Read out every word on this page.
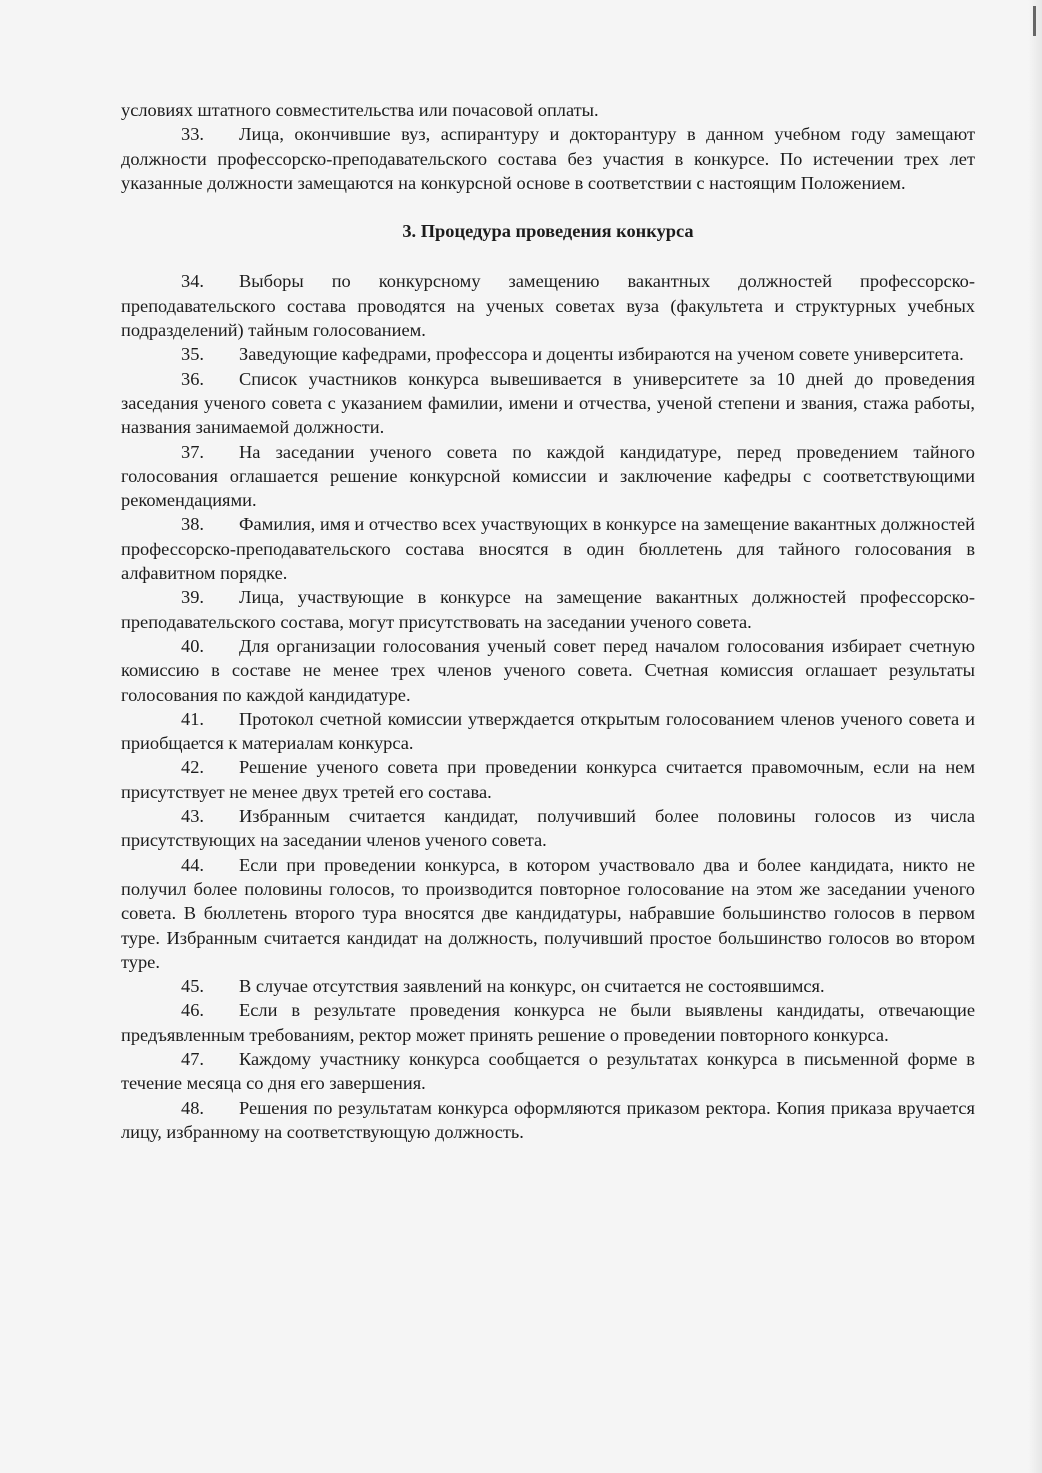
условиях штатного совместительства или почасовой оплаты.

33. Лица, окончившие вуз, аспирантуру и докторантуру в данном учебном году замещают должности профессорско-преподавательского состава без участия в конкурсе. По истечении трех лет указанные должности замещаются на конкурсной основе в соответствии с настоящим Положением.

3. Процедура проведения конкурса

34. Выборы по конкурсному замещению вакантных должностей профессорско-преподавательского состава проводятся на ученых советах вуза (факультета и структурных учебных подразделений) тайным голосованием.

35. Заведующие кафедрами, профессора и доценты избираются на ученом совете университета.

36. Список участников конкурса вывешивается в университете за 10 дней до проведения заседания ученого совета с указанием фамилии, имени и отчества, ученой степени и звания, стажа работы, названия занимаемой должности.

37. На заседании ученого совета по каждой кандидатуре, перед проведением тайного голосования оглашается решение конкурсной комиссии и заключение кафедры с соответствующими рекомендациями.

38. Фамилия, имя и отчество всех участвующих в конкурсе на замещение вакантных должностей профессорско-преподавательского состава вносятся в один бюллетень для тайного голосования в алфавитном порядке.

39. Лица, участвующие в конкурсе на замещение вакантных должностей профессорско-преподавательского состава, могут присутствовать на заседании ученого совета.

40. Для организации голосования ученый совет перед началом голосования избирает счетную комиссию в составе не менее трех членов ученого совета. Счетная комиссия оглашает результаты голосования по каждой кандидатуре.

41. Протокол счетной комиссии утверждается открытым голосованием членов ученого совета и приобщается к материалам конкурса.

42. Решение ученого совета при проведении конкурса считается правомочным, если на нем присутствует не менее двух третей его состава.

43. Избранным считается кандидат, получивший более половины голосов из числа присутствующих на заседании членов ученого совета.

44. Если при проведении конкурса, в котором участвовало два и более кандидата, никто не получил более половины голосов, то производится повторное голосование на этом же заседании ученого совета. В бюллетень второго тура вносятся две кандидатуры, набравшие большинство голосов в первом туре. Избранным считается кандидат на должность, получивший простое большинство голосов во втором туре.

45. В случае отсутствия заявлений на конкурс, он считается не состоявшимся.

46. Если в результате проведения конкурса не были выявлены кандидаты, отвечающие предъявленным требованиям, ректор может принять решение о проведении повторного конкурса.

47. Каждому участнику конкурса сообщается о результатах конкурса в письменной форме в течение месяца со дня его завершения.

48. Решения по результатам конкурса оформляются приказом ректора. Копия приказа вручается лицу, избранному на соответствующую должность.
